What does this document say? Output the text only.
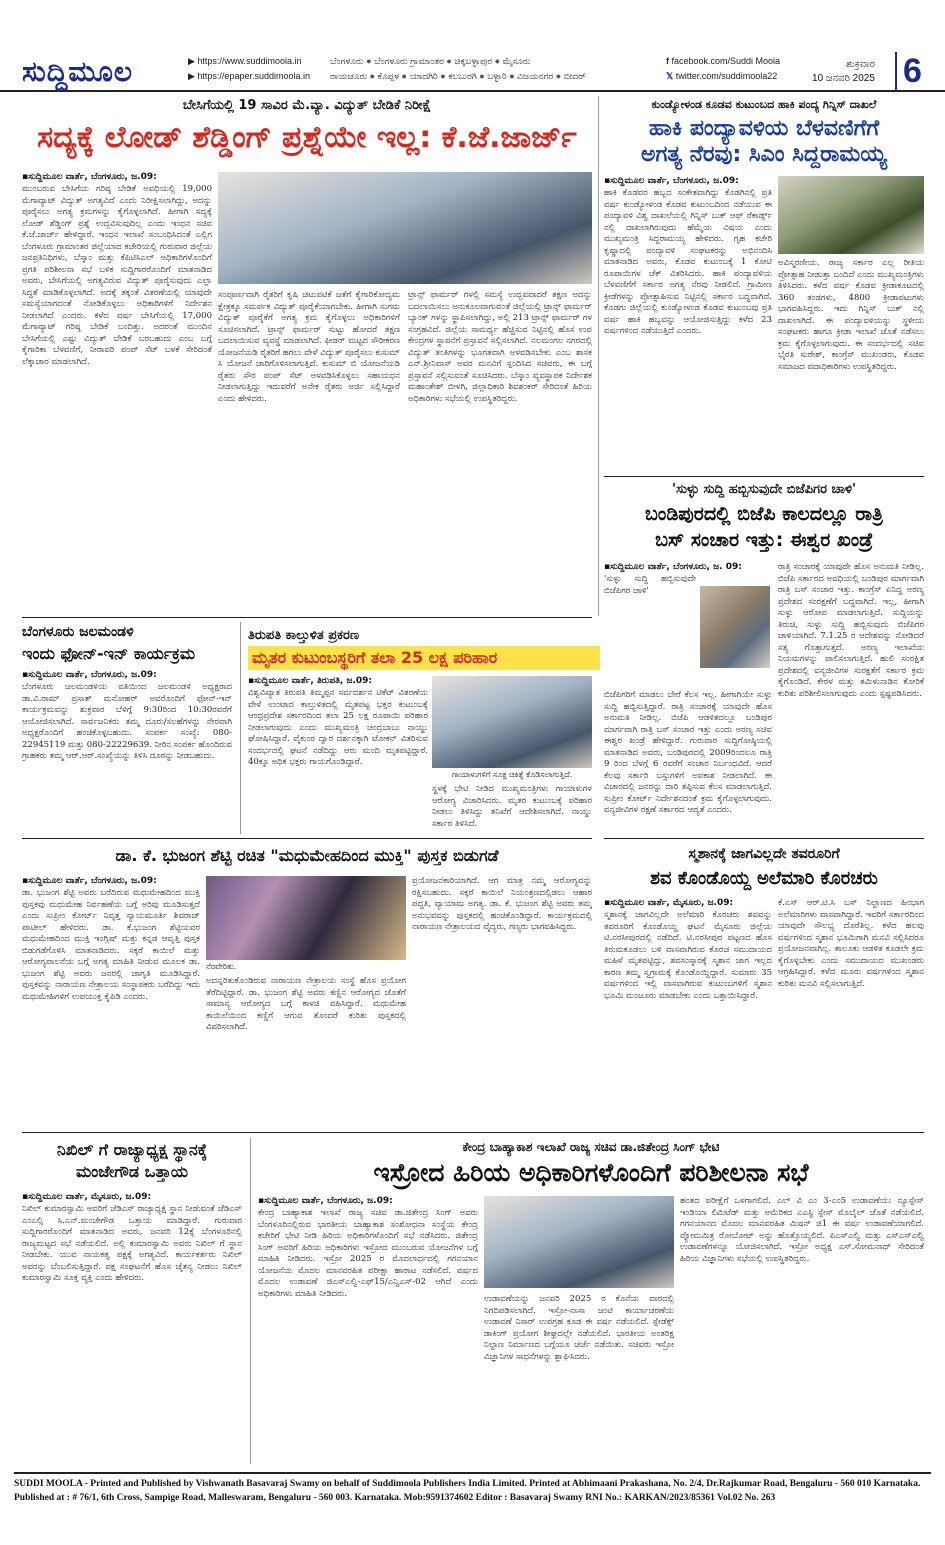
ಸುದ್ದಿಮೂಲ	▶ https://www.suddimoola.in
▶ https://epaper.suddimoola.in
ಬೆಂಗಳೂರು ● ಬೆಂಗಳೂರು ಗ್ರಾಮಾಂತರ ● ಚಿಕ್ಕಬಳ್ಳಾಪುರ ● ಮೈಸೂರು
ರಾಯಚೂರು ● ಕೊಪ್ಪಳ ● ಯಾದಗಿರಿ ● ಕಲಬುರಗಿ ● ಬಳ್ಳಾರಿ ● ವಿಜಯನಗರ ● ಬೀದರ್
f facebook.com/Suddi Moola
𝕏 twitter.com/suddimoola22
ಶುಕ್ರವಾರ
10 ಜನವರಿ 2025 6
ಬೇಸಿಗೆಯಲ್ಲಿ 19 ಸಾವಿರ ಮೆ.ವ್ಯಾ. ವಿದ್ಯುತ್ ಬೇಡಿಕೆ ನಿರೀಕ್ಷೆ
ಸದ್ಯಕ್ಕೆ ಲೋಡ್ ಶೆಡ್ಡಿಂಗ್ ಪ್ರಶ್ನೆಯೇ ಇಲ್ಲ: ಕೆ.ಜೆ.ಜಾರ್ಜ್
▪ಸುದ್ದಿಮೂಲ ವಾರ್ತೆ, ಬೆಂಗಳೂರು, ಜ.09:
ಮುಂಬರುವ ಬೇಸಿಗೆಯ ಗರಿಷ್ಠ ಬೇಡಿಕೆ ಅವಧಿಯಲ್ಲಿ 19,000 ಮೆಗಾವ್ಯಾಟ್ ವಿದ್ಯುತ್ ಅಗತ್ಯವಿದೆ ಎಂದು ನಿರೀಕ್ಷಿಸಲಾಗಿದ್ದು, ಅದನ್ನು ಪೂರೈಸಲು ಅಗತ್ಯ ಕ್ರಮಗಳನ್ನು ಕೈಗೊಳ್ಳಲಾಗಿದೆ. ಹೀಗಾಗಿ ಸದ್ಯಕ್ಕೆ ಲೋಡ್ ಶೆಡ್ಡಿಂಗ್ ಪ್ರಶ್ನೆ ಉದ್ಭವಿಸುವುದಿಲ್ಲ ಎಂದು ಇಂಧನ ಸಚಿವ ಕೆ.ಜೆ.ಜಾರ್ಜ್ ಹೇಳಿದ್ದಾರೆ. ಇಂಧನ ಇಲಾಖೆ ಸಂಬಂಧಿಸಿದಂತೆ ಎಲ್ಲಿಗ ಬೆಂಗಳೂರು ಗ್ರಾಮಾಂತರ ಜಿಲ್ಲೆಯಾದ ಕಚೇರಿಯಲ್ಲಿ ಗುರುವಾರ ಜಿಲ್ಲೆಯ ಜನಪ್ರತಿನಿಧಿಗಳು, ಬೆಸ್ಕಾಂ ಮತ್ತು ಕೆಪಿಟಿಸಿಎಲ್ ಅಧಿಕಾರಿಗಳೊಂದಿಗೆ ಪ್ರಗತಿ ಪರಿಶೀಲನಾ ಸಭೆ ಬಳಿಕ ಸುದ್ದಿಗಾರರೊಂದಿಗೆ ಮಾತನಾಡಿದ ಅವರು, ಬೇಸಿಗೆಯಲ್ಲಿ ಅಗತ್ಯವಿರುವ ವಿದ್ಯುತ್ ಪೂರೈಸುವುದು ಎಲ್ಲಾ ಸಿದ್ಧತೆ ಮಾಡಿಕೊಳ್ಳಲಾಗಿದೆ. ಅದಕ್ಕೆ ತಕ್ಕಂತೆ ವಿತರಣೆಯಲ್ಲಿ ಯಾವುದೇ ಸಮಸ್ಯೆಯಾಗದಂತೆ ನೋಡಿಕೊಳ್ಳಲು ಅಧಿಕಾರಿಗಳಿಗೆ ನಿರ್ದೇಶನ ನೀಡಲಾಗಿದೆ ಎಂದರು. ಕಳೆದ ವರ್ಷ ಬೇಸಿಗೆಯಲ್ಲಿ 17,000 ಮೆಗಾವ್ಯಾಟ್ ಗರಿಷ್ಠ ಬೇಡಿಕೆ ಬಂದಿತ್ತು. ಅದರಂತೆ ಮುಂದಿನ ಬೇಸಿಗೆಯಲ್ಲಿ ಎಷ್ಟು ವಿದ್ಯುತ್ ಬೇಡಿಕೆ ಬರಬಹುದು ಎಂಬ ಬಗ್ಗೆ ಕೈಗಾರಿಕಾ ಬೆಳವಣಿಗೆ, ನೀರಾವರಿ ಪಂಪ್ ಸೆಟ್ ಬಳಕೆ ಸೇರಿದಂತೆ ಲೆಕ್ಕಾಚಾರ ಮಾಡಲಾಗಿದೆ.
ಸಂಪೂರ್ಣವಾಗಿ ರೈತರಿಗೆ ಕೃಷಿ ಚಟುವಟಿಕೆ ಜತೆಗೆ ಕೈಗಾರಿಕೋದ್ಯಮ ಕ್ಷೇತ್ರಕ್ಕೂ ಸಮರ್ಪಕ ವಿದ್ಯುತ್ ಪೂರೈಕೆಯಾಗಬೇಕು. ಹೀಗಾಗಿ ಸುಗಮ ವಿದ್ಯುತ್ ಪೂರೈಕೆಗೆ ಅಗತ್ಯ ಕ್ರಮ ಕೈಗೊಳ್ಳಲು ಅಧಿಕಾರಿಗಳಿಗೆ ಸೂಚಿಸಲಾಗಿದೆ. ಟ್ರಾನ್ಸ್ ಫಾರ್ಮರ್ ಸುಟ್ಟು ಹೋದರೆ ತಕ್ಷಣ ಬದಲಾಯಿಸುವ ವ್ಯವಸ್ಥೆ ಮಾಡಲಾಗಿದೆ. ಫೀಡರ್ ಮಟ್ಟದ ಸೌರೀಕರಣ ಯೋಜನೆಯಡಿ ರೈತರಿಗೆ ಹಗಲು ವೇಳೆ ವಿದ್ಯುತ್ ಪೂರೈಸಲು ಕುಸುಮ್ ಸಿ ಯೋಜನೆ ಜಾರಿಗೊಳಿಸಲಾಗುತ್ತಿದೆ. ಕುಸುಮ್ ಬಿ ಯೋಜನೆಯಡಿ ರೈತರು ಸೌರ ಪಂಪ್ ಸೆಟ್ ಅಳವಡಿಸಿಕೊಳ್ಳಲು ಸಹಾಯಧನ ನೀಡಲಾಗುತ್ತಿದ್ದು ಇದುವರೆಗೆ ಅನೇಕ ರೈತರು ಅರ್ಜಿ ಸಲ್ಲಿಸಿದ್ದಾರೆ ಎಂದು ಹೇಳಿದರು.
ಟ್ರಾನ್ಸ್ ಫಾರ್ಮರ್ ಗಳಲ್ಲಿ ಸಮಸ್ಯೆ ಉದ್ಭವವಾದರೆ ತಕ್ಷಣ ಅದನ್ನು ಬದಲಾಯಿಸಲು ಅನುಕೂಲವಾಗುವಂತೆ ಜಿಲ್ಲೆಯಲ್ಲಿ ಟ್ರಾನ್ಸ್ ಫಾರ್ಮರ್ ಬ್ಯಾಂಕ್ ಗಳನ್ನು ಸ್ಥಾಪಿಸಲಾಗಿದ್ದು, ಅಲ್ಲಿ 213 ಟ್ರಾನ್ಸ್ ಫಾರ್ಮರ್ ಗಳ ಸಂಗ್ರಹವಿದೆ. ಜಿಲ್ಲೆಯ ಸಾಮರ್ಥ್ಯ ಹೆಚ್ಚಿಸುವ ನಿಟ್ಟಿನಲ್ಲಿ ಹೊಸ ಉಪ ಕೇಂದ್ರಗಳ ಸ್ಥಾಪನೆಗೆ ಪ್ರಸ್ತಾವನೆ ಸಲ್ಲಿಸಲಾಗಿದೆ. ನಲಮಂಗಲ ನಗರದಲ್ಲಿ ವಿದ್ಯುತ್ ತಂತಿಗಳನ್ನು ಭೂಗತವಾಗಿ ಅಳವಡಿಸಬೇಕು ಎಂಬ ಶಾಸಕ ಎನ್.ಶ್ರೀನಿವಾಸ್ ಅವರ ಮನವಿಗೆ ಸ್ಪಂದಿಸಿದ ಸಚಿವರು, ಈ ಬಗ್ಗೆ ಪ್ರಸ್ತಾವನೆ ಸಲ್ಲಿಸುವಂತೆ ಸೂಚಿಸಿದರು. ಬೆಸ್ಕಾಂ ವ್ಯವಸ್ಥಾಪಕ ನಿರ್ದೇಶಕ ಮಹಾಂತೇಶ್ ಬೀಳಗಿ, ಜಿಲ್ಲಾಧಿಕಾರಿ ಶಿವಶಂಕರ್ ಸೇರಿದಂತೆ ಹಿರಿಯ ಅಧಿಕಾರಿಗಳು ಸಭೆಯಲ್ಲಿ ಉಪಸ್ಥಿತರಿದ್ದರು.
ಕುಂಡ್ಯೋಳಂಡ ಕೂಡವ ಕುಟುಂಬದ ಹಾಕಿ ಪಂದ್ಯ ಗಿನ್ನಿಸ್ ದಾಖಲೆ
ಹಾಕಿ ಪಂದ್ಯಾವಳಿಯ ಬೆಳವಣಿಗೆಗೆ
ಅಗತ್ಯ ನೆರವು: ಸಿಎಂ ಸಿದ್ದರಾಮಯ್ಯ
▪ಸುದ್ದಿಮೂಲ ವಾರ್ತೆ, ಬೆಂಗಳೂರು, ಜ.09:
ಹಾಕಿ ಕೊಡವರ ಹಬ್ಬದ ಸಂಕೇತವಾಗಿದ್ದು ಕೊಡಗಿನಲ್ಲಿ ಪ್ರತಿ ವರ್ಷ ಕುಂಡ್ಯೋಳಂಡ ಕೊಡವ ಕುಟುಂಬದಿಂದ ನಡೆಯುವ ಈ ಪಂದ್ಯಾವಳಿ ವಿಶ್ವ ದಾಖಲೆಯಲ್ಲಿ ಗಿನ್ನಿಸ್ ಬುಕ್ ಆಫ್ ರೆಕಾರ್ಡ್ಸ್ ನಲ್ಲಿ ದಾಖಲಾಗಿರುವುದು ಹೆಮ್ಮೆಯ ವಿಷಯ ಎಂದು ಮುಖ್ಯಮಂತ್ರಿ ಸಿದ್ದರಾಮಯ್ಯ ಹೇಳಿದರು. ಗೃಹ ಕಚೇರಿ ಕೃಷ್ಣಾದಲ್ಲಿ ಪಂದ್ಯಾವಳಿ ಸಂಘಟಕರನ್ನು ಅಭಿನಂದಿಸಿ ಮಾತನಾಡಿದ ಅವರು, ಕೊಡವ ಕುಟುಂಬಕ್ಕೆ 1 ಕೋಟಿ ರೂಪಾಯಿಗಳ ಚೆಕ್ ವಿತರಿಸಿದರು. ಹಾಕಿ ಪಂದ್ಯಾವಳಿಯ ಬೆಳವಣಿಗೆಗೆ ಸರ್ಕಾರ ಅಗತ್ಯ ನೆರವು ನೀಡಲಿದೆ. ಗ್ರಾಮೀಣ ಕ್ರೀಡೆಗಳನ್ನು ಪ್ರೋತ್ಸಾಹಿಸುವ ನಿಟ್ಟಿನಲ್ಲಿ ಸರ್ಕಾರ ಬದ್ಧವಾಗಿದೆ. ಕೊಡಗು ಜಿಲ್ಲೆಯಲ್ಲಿ ಕುಂಡ್ಯೋಳಂಡ ಕೊಡವ ಕುಟುಂಬವು ಪ್ರತಿ ವರ್ಷ ಹಾಕಿ ಹಬ್ಬವನ್ನು ಆಯೋಜಿಸುತ್ತಿದ್ದು ಕಳೆದ 23 ವರ್ಷಗಳಿಂದ ನಡೆಯುತ್ತಿದೆ ಎಂದರು.
ಅವಿಸ್ಮರಣೀಯ. ರಾಜ್ಯ ಸರ್ಕಾರ ಎಲ್ಲ ರೀತಿಯ ಪ್ರೋತ್ಸಾಹ ನೀಡುತ್ತಾ ಬಂದಿದೆ ಎಂದು ಮುಖ್ಯಮಂತ್ರಿಗಳು ತಿಳಿಸಿದರು. ಕಳೆದ ವರ್ಷ ಕೊಡವ ಕ್ರೀಡಾಕೂಟದಲ್ಲಿ 360 ತಂಡಗಳು, 4800 ಕ್ರೀಡಾಪಟುಗಳು ಭಾಗವಹಿಸಿದ್ದರು. ಇದು ಗಿನ್ನಿಸ್ ಬುಕ್ ನಲ್ಲಿ ದಾಖಲಾಗಿದೆ. ಈ ಪಂದ್ಯಾವಳಿಯನ್ನು ಸ್ಥಳೀಯ ಸಂಘಟಕರು ಹಾಗೂ ಕ್ರೀಡಾ ಇಲಾಖೆ ಜೊತೆ ನಡೆಸಲು ಕ್ರಮ ಕೈಗೊಳ್ಳಲಾಗುವುದು. ಈ ಸಂದರ್ಭದಲ್ಲಿ ಸಚಿವ ಭೈರತಿ ಸುರೇಶ್, ಕಾಂಗ್ರೆಸ್ ಮುಖಂಡರು, ಕೊಡವ ಸಮಾಜದ ಪದಾಧಿಕಾರಿಗಳು ಉಪಸ್ಥಿತರಿದ್ದರು.
'ಸುಳ್ಳು ಸುದ್ದಿ ಹಬ್ಬಿಸುವುದೇ ಬಿಜೆಪಿಗರ ಚಾಳಿ'
ಬಂಡಿಪುರದಲ್ಲಿ ಬಿಜೆಪಿ ಕಾಲದಲ್ಲೂ ರಾತ್ರಿ
ಬಸ್ ಸಂಚಾರ ಇತ್ತು: ಈಶ್ವರ ಖಂಡ್ರೆ
▪ಸುದ್ದಿಮೂಲ ವಾರ್ತೆ, ಬೆಂಗಳೂರು, ಜ. 09:
'ಸುಳ್ಳು ಸುದ್ದಿ ಹಬ್ಬಿಸುವುದೇ ಬಿಜೆಪಿಗರ ಚಾಳಿ'
ಬಿಜೆಪಿಗರಿಗೆ ಮಾಡಲು ಬೇರೆ ಕೆಲಸ ಇಲ್ಲ. ಹೀಗಾಗಿಯೇ ಸುಳ್ಳು ಸುದ್ದಿ ಹಬ್ಬಿಸುತ್ತಿದ್ದಾರೆ. ರಾತ್ರಿ ಸಂಚಾರಕ್ಕೆ ಯಾವುದೇ ಹೊಸ ಅನುಮತಿ ನೀಡಿಲ್ಲ. ಬಿಜೆಪಿ ಆಡಳಿತದಲ್ಲೂ ಬಂಡಿಪುರ ಮಾರ್ಗವಾಗಿ ರಾತ್ರಿ ಬಸ್ ಸಂಚಾರ ಇತ್ತು ಎಂದು ಅರಣ್ಯ ಸಚಿವ ಈಶ್ವರ ಖಂಡ್ರೆ ಹೇಳಿದ್ದಾರೆ. ಗುರುವಾರ ಸುದ್ದಿಗೋಷ್ಠಿಯಲ್ಲಿ ಮಾತನಾಡಿದ ಅವರು, ಬಂಡಿಪುರದಲ್ಲಿ 2009ರಿಂದಲೂ ರಾತ್ರಿ 9 ರಿಂದ ಬೆಳಗ್ಗೆ 6 ರವರೆಗೆ ಸಂಚಾರ ನಿರ್ಬಂಧವಿದೆ. ಆದರೆ ಕೆಲವು ಸರ್ಕಾರಿ ಬಸ್ಸುಗಳಿಗೆ ಅವಕಾಶ ನೀಡಲಾಗಿದೆ. ಈ ವಿಚಾರದಲ್ಲಿ ಜನರನ್ನು ದಾರಿ ತಪ್ಪಿಸುವ ಕೆಲಸ ಮಾಡಲಾಗುತ್ತಿದೆ. ಸುಪ್ರೀಂ ಕೋರ್ಟ್ ನಿರ್ದೇಶನದಂತೆ ಕ್ರಮ ಕೈಗೊಳ್ಳಲಾಗುವುದು. ವನ್ಯಜೀವಿಗಳ ರಕ್ಷಣೆ ಸರ್ಕಾರದ ಆದ್ಯತೆ ಎಂದರು.
ರಾತ್ರಿ ಸಂಚಾರಕ್ಕೆ ಯಾವುದೇ ಹೊಸ ಅನುಮತಿ ನೀಡಿಲ್ಲ. ಬಿಜೆಪಿ ಸರ್ಕಾರದ ಅವಧಿಯಲ್ಲಿ ಬಂಡಿಪುರ ಮಾರ್ಗವಾಗಿ ರಾತ್ರಿ ಬಸ್ ಸಂಚಾರ ಇತ್ತು. ಕಾಂಗ್ರೆಸ್ ಏನಿದ್ದ ಅರಣ್ಯ ಪ್ರದೇಶದ ಸಂರಕ್ಷಣೆಗೆ ಬದ್ಧವಾಗಿದೆ. ಇಲ್ಲ, ಹೀಗಾಗಿ ಸುಳ್ಳು ಆರೋಪ ಮಾಡಲಾಗುತ್ತಿದೆ. ಸುದ್ದಿಯನ್ನು ತಿರುಚಿ, ಸುಳ್ಳು ಸುದ್ದಿ ಹಬ್ಬಿಸುವುದು ಬಿಜೆಪಿಗರ ಚಾಳಿಯಾಗಿದೆ. 7.1.25 ರ ಆದೇಶವನ್ನು ನೋಡಿದರೆ ಸತ್ಯ ಗೊತ್ತಾಗುತ್ತದೆ. ಅರಣ್ಯ ಇಲಾಖೆಯ ನಿಯಮಗಳನ್ನು ಪಾಲಿಸಲಾಗುತ್ತಿದೆ. ಹುಲಿ ಸಂರಕ್ಷಿತ ಪ್ರದೇಶದಲ್ಲಿ ವನ್ಯಜೀವಿಗಳ ಸುರಕ್ಷತೆಗೆ ಸರ್ಕಾರ ಕ್ರಮ ಕೈಗೊಂಡಿದೆ. ಕೇರಳ ಮತ್ತು ತಮಿಳುನಾಡಿನ ಕೋರಿಕೆ ಕುರಿತು ಪರಿಶೀಲಿಸಲಾಗುವುದು ಎಂದು ಸ್ಪಷ್ಟಪಡಿಸಿದರು.
ಬೆಂಗಳೂರು ಜಲಮಂಡಳಿ
ಇಂದು ಫೋನ್-ಇನ್ ಕಾರ್ಯಕ್ರಮ
▪ಸುದ್ದಿಮೂಲ ವಾರ್ತೆ, ಬೆಂಗಳೂರು, ಜ.09:
ಬೆಂಗಳೂರು ಜಲಮಂಡಳಿಯ ವತಿಯಿಂದ ಜಲಮಂಡಳಿ ಅಧ್ಯಕ್ಷರಾದ ಡಾ.ವಿ.ರಾಮ್ ಪ್ರಸಾತ್ ಮನೋಹರ್ ಅವರೊಂದಿಗೆ ಫೋನ್-ಇನ್ ಕಾರ್ಯಕ್ರಮವನ್ನು ಶುಕ್ರವಾರ ಬೆಳಿಗ್ಗೆ 9:30ರಿಂದ 10:30ರವರೆಗೆ ಆಯೋಜಿಸಲಾಗಿದೆ. ಸಾರ್ವಜನಿಕರು ತಮ್ಮ ದೂರು/ಸಲಹೆಗಳನ್ನು ನೇರವಾಗಿ ಅಧ್ಯಕ್ಷರೊಂದಿಗೆ ಹಂಚಿಕೊಳ್ಳಬಹುದು. ಸಂಪರ್ಕ ಸಂಖ್ಯೆ: 080-22945119 ಮತ್ತು 080-22229639. ನೀರಿನ ಸಂಪರ್ಕ ಹೊಂದಿರುವ ಗ್ರಾಹಕರು ತಮ್ಮ ಆರ್.ಆರ್.ಸಂಖ್ಯೆಯನ್ನು ತಿಳಿಸಿ ದೂರನ್ನು ನೀಡಬಹುದು.
ತಿರುಪತಿ ಕಾಲ್ತುಳಿತ ಪ್ರಕರಣ
ಮೃತರ ಕುಟುಂಬಸ್ಥರಿಗೆ ತಲಾ 25 ಲಕ್ಷ ಪರಿಹಾರ
▪ಸುದ್ದಿಮೂಲ ವಾರ್ತೆ, ತಿರುಪತಿ, ಜ.09:
ವಿಶ್ವವಿಖ್ಯಾತ ತಿರುಪತಿ ತಿಮ್ಮಪ್ಪನ ಸರ್ವದರ್ಶನ ಟಿಕೆಟ್ ವಿತರಣೆಯ ವೇಳೆ ಉಂಟಾದ ಕಾಲ್ತುಳಿತದಲ್ಲಿ ಮೃತಪಟ್ಟ ಭಕ್ತರ ಕುಟುಂಬಕ್ಕೆ ಆಂಧ್ರಪ್ರದೇಶ ಸರ್ಕಾರದಿಂದ ತಲಾ 25 ಲಕ್ಷ ರೂಪಾಯಿ ಪರಿಹಾರ ನೀಡಲಾಗುವುದು ಎಂದು ಮುಖ್ಯಮಂತ್ರಿ ಚಂದ್ರಬಾಬು ನಾಯ್ಡು ಘೋಷಿಸಿದ್ದಾರೆ. ವೈಕುಂಠ ದ್ವಾರ ದರ್ಶನಕ್ಕಾಗಿ ಟೋಕನ್ ವಿತರಿಸುವ ಸಂದರ್ಭದಲ್ಲಿ ಘಟನೆ ನಡೆದಿದ್ದು ಆರು ಮಂದಿ ಮೃತಪಟ್ಟಿದ್ದಾರೆ. 40ಕ್ಕೂ ಅಧಿಕ ಭಕ್ತರು ಗಾಯಗೊಂಡಿದ್ದಾರೆ.
ಗಾಯಾಳುಗಳಿಗೆ ಸೂಕ್ತ ಚಿಕಿತ್ಸೆ ಕೊಡಿಸಲಾಗುತ್ತಿದೆ.
ಸ್ಥಳಕ್ಕೆ ಭೇಟಿ ನೀಡಿದ ಮುಖ್ಯಮಂತ್ರಿಗಳು ಗಾಯಾಳುಗಳ ಆರೋಗ್ಯ ವಿಚಾರಿಸಿದರು. ಮೃತರ ಕುಟುಂಬಕ್ಕೆ ಪರಿಹಾರ ನೀಡಲು ತಿಳಿಸಿದ್ದು ತನಿಖೆಗೆ ಆದೇಶಿಸಲಾಗಿದೆ. ನಾಯ್ಡು ಸರ್ಕಾರ ತಿಳಿಸಿದೆ.
ಡಾ. ಕೆ. ಭುಜಂಗ ಶೆಟ್ಟಿ ರಚಿತ "ಮಧುಮೇಹದಿಂದ ಮುಕ್ತಿ" ಪುಸ್ತಕ ಬಿಡುಗಡೆ
▪ಸುದ್ದಿಮೂಲ ವಾರ್ತೆ, ಬೆಂಗಳೂರು, ಜ.09:
ಡಾ. ಭುಜಂಗ ಶೆಟ್ಟಿ ಅವರು ಬರೆದಿರುವ ಮಧುಮೇಹದಿಂದ ಮುಕ್ತಿ ಪುಸ್ತಕವು ಮಧುಮೇಹ ನಿರ್ವಹಣೆಯ ಬಗ್ಗೆ ಅರಿವು ಮೂಡಿಸುತ್ತದೆ ಎಂದು ಸುಪ್ರೀಂ ಕೋರ್ಟ್ ನಿವೃತ್ತ ನ್ಯಾಯಮೂರ್ತಿ ಶಿವರಾಜ್ ಪಾಟೀಲ್ ಹೇಳಿದರು. ಡಾ. ಕೆ.ಭುಜಂಗ ಶೆಟ್ಟಿಯವರ ಮಧುಮೇಹದಿಂದ ಮುಕ್ತಿ ಇಂಗ್ಲಿಷ್ ಮತ್ತು ಕನ್ನಡ ಆವೃತ್ತಿ ಪುಸ್ತಕ ಬಿಡುಗಡೆಗೊಳಿಸಿ ಮಾತನಾಡಿದರು. ಸಕ್ಕರೆ ಕಾಯಿಲೆ ಮತ್ತು ಆರೋಗ್ಯಪಾಲನೆಯ ಬಗ್ಗೆ ಅಗತ್ಯ ಮಾಹಿತಿ ನೀಡುವ ಮೂಲಕ ಡಾ. ಭುಜಂಗ ಶೆಟ್ಟಿ ಅವರು ಜನರಲ್ಲಿ ಜಾಗೃತಿ ಮೂಡಿಸಿದ್ದಾರೆ. ಪುಸ್ತಕವನ್ನು ನಾರಾಯಣ ನೇತ್ರಾಲಯ ಸಂಸ್ಥಾಪಕರು ಬರೆದಿದ್ದು ಇದು ಮಧುಮೇಹಿಗಳಿಗೆ ಉಪಯುಕ್ತ ಕೈಪಿಡಿ ಎಂದರು.
ನೆರವೇರಿತು.
ಅದನ್ನರಿತುಕೊಂಡಿರುವ ನಾರಾಯಣ ನೇತ್ರಾಲಯ ಸಂಸ್ಥೆ ಹೊಸ ಪ್ರಯೋಗ ತೆರೆದಿಟ್ಟಿದ್ದಾರೆ. ಡಾ. ಭುಜಂಗ ಶೆಟ್ಟಿ ಅವರು ಕಣ್ಣಿನ ಆರೋಗ್ಯದ ಜೊತೆಗೆ ಸಾಮಾನ್ಯ ಆರೋಗ್ಯದ ಬಗ್ಗೆ ಕಾಳಜಿ ವಹಿಸಿದ್ದಾರೆ. ಮಧುಮೇಹ ಕಾಯಿಲೆಯಿಂದ ಕಣ್ಣಿಗೆ ಆಗುವ ತೊಂದರೆ ಕುರಿತು ಪುಸ್ತಕದಲ್ಲಿ ವಿವರಿಸಲಾಗಿದೆ.
ಪ್ರಯೋಜನಕಾರಿಯಾಗಿದೆ. ಆಗ ಮಾತ್ರ ನಮ್ಮ ಆರೋಗ್ಯವನ್ನು ರಕ್ಷಿಸಬಹುದು. ಸಕ್ಕರೆ ಕಾಯಿಲೆ ನಿಯಂತ್ರಣದಲ್ಲಿಡಲು ಆಹಾರ ಪದ್ಧತಿ, ವ್ಯಾಯಾಮ ಅಗತ್ಯ. ಡಾ. ಕೆ. ಭುಜಂಗ ಶೆಟ್ಟಿ ಅವರು ತಮ್ಮ ಅನುಭವವನ್ನು ಪುಸ್ತಕದಲ್ಲಿ ಹಂಚಿಕೊಂಡಿದ್ದಾರೆ. ಕಾರ್ಯಕ್ರಮದಲ್ಲಿ ನಾರಾಯಣ ನೇತ್ರಾಲಯದ ವೈದ್ಯರು, ಗಣ್ಯರು ಭಾಗವಹಿಸಿದ್ದರು.
ಸ್ಮಶಾನಕ್ಕೆ ಜಾಗವಿಲ್ಲದೇ ತವರೂರಿಗೆ
ಶವ ಕೊಂಡೊಯ್ದ ಅಲೆಮಾರಿ ಕೊರಚರು
▪ಸುದ್ದಿಮೂಲ ವಾರ್ತೆ, ಮೈಸೂರು, ಜ.09:
ಸ್ಮಶಾನಕ್ಕೆ ಜಾಗವಿಲ್ಲದೇ ಅಲೆಮಾರಿ ಕೊರಚರು ಶವವನ್ನು ತವರೂರಿಗೆ ಕೊಂಡೊಯ್ದ ಘಟನೆ ಮೈಸೂರು ಜಿಲ್ಲೆಯ ಟಿ.ನರಸೀಪುರದಲ್ಲಿ ನಡೆದಿದೆ. ಟಿ.ನರಸೀಪುರ ಪಟ್ಟಣದ ಹೊಸ ತಿರುಮಕೂಡಲು ಬಳಿ ವಾಸವಾಗಿರುವ ಕೊರಚ ಸಮುದಾಯದ ಮಹಿಳೆ ಮೃತಪಟ್ಟಿದ್ದು, ಶವಸಂಸ್ಕಾರಕ್ಕೆ ಸ್ಮಶಾನ ಜಾಗ ಇಲ್ಲದ ಕಾರಣ ತಮ್ಮ ಸ್ವಗ್ರಾಮಕ್ಕೆ ಕೊಂಡೊಯ್ದಿದ್ದಾರೆ. ಸುಮಾರು 35 ವರ್ಷಗಳಿಂದ ಇಲ್ಲಿ ವಾಸವಾಗಿರುವ ಕುಟುಂಬಗಳಿಗೆ ಸ್ಮಶಾನ ಭೂಮಿ ಮಂಜೂರು ಮಾಡಬೇಕು ಎಂದು ಒತ್ತಾಯಿಸಿದ್ದಾರೆ.
ಕೆ.ಎಸ್ ಆರ್.ಟಿ.ಸಿ ಬಸ್ ನಿಲ್ದಾಣದ ಹಿಂಭಾಗ ಅಲೆಮಾರಿಗಳು ವಾಸವಾಗಿದ್ದಾರೆ. ಇವರಿಗೆ ಸರ್ಕಾರದಿಂದ ಯಾವುದೇ ಸೌಲಭ್ಯ ದೊರೆತಿಲ್ಲ. ಕಳೆದ ಹಲವು ವರ್ಷಗಳಿಂದ ಸ್ಮಶಾನ ಭೂಮಿಗಾಗಿ ಮನವಿ ಸಲ್ಲಿಸಿದರೂ ಪ್ರಯೋಜನವಾಗಿಲ್ಲ. ತಾಲೂಕು ಆಡಳಿತ ಕೂಡಲೇ ಕ್ರಮ ಕೈಗೊಳ್ಳಬೇಕು ಎಂದು ಸಮುದಾಯದ ಮುಖಂಡರು ಆಗ್ರಹಿಸಿದ್ದಾರೆ. ಕಳೆದ ಮೂರು ವರ್ಷಗಳಿಂದ ಸ್ಮಶಾನ ಕುರಿತು ಮನವಿ ಸಲ್ಲಿಸಲಾಗುತ್ತಿದೆ.
ನಿಖಿಲ್ ಗೆ ರಾಜ್ಯಾಧ್ಯಕ್ಷ ಸ್ಥಾನಕ್ಕೆ
ಮಂಜೇಗೌಡ ಒತ್ತಾಯ
▪ಸುದ್ದಿಮೂಲ ವಾರ್ತೆ, ಮೈಸೂರು, ಜ.09:
ನಿಖಿಲ್ ಕುಮಾರಸ್ವಾಮಿ ಅವರಿಗೆ ಜೆಡಿಎಸ್ ರಾಜ್ಯಾಧ್ಯಕ್ಷ ಸ್ಥಾನ ನೀಡುವಂತೆ ಜೆಡಿಎಸ್ ಎಂಎಲ್ಸಿ ಸಿ.ಎನ್.ಮಂಜೇಗೌಡ ಒತ್ತಾಯ ಮಾಡಿದ್ದಾರೆ. ಗುರುವಾರ ಸುದ್ದಿಗಾರರೊಂದಿಗೆ ಮಾತನಾಡಿದ ಅವರು, ಜನವರಿ 12ಕ್ಕೆ ಬೆಂಗಳೂರಿನಲ್ಲಿ ರಾಜ್ಯಮಟ್ಟದ ಸಭೆ ನಡೆಯಲಿದೆ. ಅಲ್ಲಿ ಕುಮಾರಸ್ವಾಮಿ ಅವರು ನಿಖಿಲ್ ಗೆ ಸ್ಥಾನ ನೀಡಬೇಕು. ಯುವ ನಾಯಕತ್ವ ಪಕ್ಷಕ್ಕೆ ಅಗತ್ಯವಿದೆ. ಕಾರ್ಯಕರ್ತರು ನಿಖಿಲ್ ಅವರನ್ನು ಬೆಂಬಲಿಸುತ್ತಿದ್ದಾರೆ. ಪಕ್ಷ ಸಂಘಟನೆಗೆ ಹೊಸ ಚೈತನ್ಯ ನೀಡಲು ನಿಖಿಲ್ ಕುಮಾರಸ್ವಾಮಿ ಸೂಕ್ತ ವ್ಯಕ್ತಿ ಎಂದು ಹೇಳಿದರು.
ಕೇಂದ್ರ ಬಾಹ್ಯಾಕಾಶ ಇಲಾಖೆ ರಾಜ್ಯ ಸಚಿವ ಡಾ.ಜಿತೇಂದ್ರ ಸಿಂಗ್ ಭೇಟಿ
ಇಸ್ರೋದ ಹಿರಿಯ ಅಧಿಕಾರಿಗಳೊಂದಿಗೆ ಪರಿಶೀಲನಾ ಸಭೆ
▪ಸುದ್ದಿಮೂಲ ವಾರ್ತೆ, ಬೆಂಗಳೂರು, ಜ.09:
ಕೇಂದ್ರ ಬಾಹ್ಯಾಕಾಶ ಇಲಾಖೆ ರಾಜ್ಯ ಸಚಿವ ಡಾ.ಜಿತೇಂದ್ರ ಸಿಂಗ್ ಅವರು ಬೆಂಗಳೂರಿನಲ್ಲಿರುವ ಭಾರತೀಯ ಬಾಹ್ಯಾಕಾಶ ಸಂಶೋಧನಾ ಸಂಸ್ಥೆಯ ಕೇಂದ್ರ ಕಚೇರಿಗೆ ಭೇಟಿ ನೀಡಿ ಹಿರಿಯ ಅಧಿಕಾರಿಗಳೊಂದಿಗೆ ಸಭೆ ನಡೆಸಿದರು. ಜಿತೇಂದ್ರ ಸಿಂಗ್ ಅವರಿಗೆ ಹಿರಿಯ ಅಧಿಕಾರಿಗಳು ಇಸ್ರೋದ ಮುಂಬರುವ ಯೋಜನೆಗಳ ಬಗ್ಗೆ ಮಾಹಿತಿ ನೀಡಿದರು. ಇಸ್ರೋ 2025 ರ ಮೊದಲಾರ್ಧದಲ್ಲಿ ಗಗನಯಾನ ಯೋಜನೆಯ ಮೊದಲ ಮಾನವರಹಿತ ಪರೀಕ್ಷಾ ಹಾರಾಟ ನಡೆಸಲಿದೆ. ವರ್ಷದ ಮೊದಲ ಉಡಾವಣೆ ಜಿಎಸ್ಎಲ್ವಿ-ಎಫ್15/ಎನ್ವಿಎಸ್-02 ಆಗಿದೆ ಎಂದು ಅಧಿಕಾರಿಗಳು ಮಾಹಿತಿ ನೀಡಿದರು.
ಉಡಾವಣೆಯನ್ನು ಜನವರಿ 2025 ರ ಕೊನೆಯ ವಾರದಲ್ಲಿ ನಿಗದಿಪಡಿಸಲಾಗಿದೆ. ಇಸ್ರೋ-ನಾಸಾ ಜಂಟಿ ಕಾರ್ಯಾಚರಣೆಯ ಉಡಾವಣೆ ನಿಸಾರ್ ಉಪಗ್ರಹ ಕೂಡ ಈ ವರ್ಷ ನಡೆಯಲಿದೆ. ಸ್ಪೇಡೆಕ್ಸ್ ಡಾಕಿಂಗ್ ಪ್ರಯೋಗ ಶೀಘ್ರದಲ್ಲೇ ನಡೆಯಲಿದೆ. ಭಾರತೀಯ ಅಂತರಿಕ್ಷ ನಿಲ್ದಾಣ ನಿರ್ಮಾಣದ ಬಗ್ಗೆಯೂ ಚರ್ಚೆ ನಡೆಯಿತು. ಸಚಿವರು ಇಸ್ರೋ ವಿಜ್ಞಾನಿಗಳ ಸಾಧನೆಗಳನ್ನು ಶ್ಲಾಘಿಸಿದರು.
ಹಂತದ ಪರೀಕ್ಷೆಗೆ ಒಳಗಾಗಲಿದೆ. ಎಲ್ ವಿ ಎಂ 3-ಎಂ5 ಉಡಾವಣೆಯು ನ್ಯೂಸ್ಪೇಸ್ ಇಂಡಿಯಾ ಲಿಮಿಟೆಡ್ ಮತ್ತು ಅಮೆರಿಕದ ಎಎಸ್ಟಿ ಸ್ಪೇಸ್ ಮೊಬೈಲ್ ಜೊತೆ ನಡೆಯಲಿದೆ. ಗಗನಯಾನದ ಮೊದಲ ಮಾನವರಹಿತ ಮಿಷನ್ ಜಿ1 ಈ ವರ್ಷ ಉಡಾವಣೆಯಾಗಲಿದೆ. ವ್ಯೋಮಮಿತ್ರ ರೋಬೋಟ್ ಅನ್ನು ಹೊತ್ತೊಯ್ಯಲಿದೆ. ಪಿಎಸ್ಎಲ್ವಿ ಮತ್ತು ಎಸ್ಎಸ್ಎಲ್ವಿ ಉಡಾವಣೆಗಳನ್ನೂ ಯೋಜಿಸಲಾಗಿದೆ. ಇಸ್ರೋ ಅಧ್ಯಕ್ಷ ಎಸ್.ಸೋಮನಾಥ್ ಸೇರಿದಂತೆ ಹಿರಿಯ ವಿಜ್ಞಾನಿಗಳು ಸಭೆಯಲ್ಲಿ ಉಪಸ್ಥಿತರಿದ್ದರು.
SUDDI MOOLA - Printed and Published by Vishwanath Basavaraj Swamy on behalf of Suddimoola Publishers India Limited. Printed at Abhimaani Prakashana, No. 2/4, Dr.Rajkumar Road, Bengaluru - 560 010 Karnataka.
Published at : # 76/1, 6th Cross, Sampige Road, Malleswaram, Bengaluru - 560 003. Karnataka. Mob:9591374602 Editor : Basavaraj Swamy RNI No.: KARKAN/2023/85361 Vol.02 No. 263
